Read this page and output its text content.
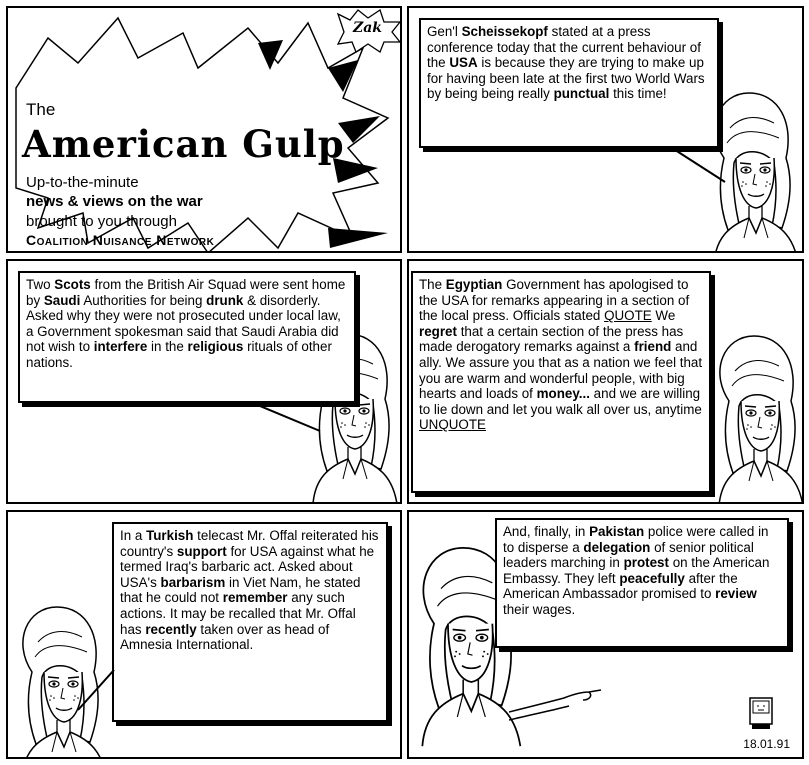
Zak
The
American Gulp
Up-to-the-minute
news & views on the war
brought to you through
Coalition Nuisance Network
Gen'l Scheissekopf stated at a press conference today that the current behaviour of the USA is because they are trying to make up for having been late at the first two World Wars by being being really punctual this time!
Two Scots from the British Air Squad were sent home by Saudi Authorities for being drunk & disorderly. Asked why they were not prosecuted under local law, a Government spokesman said that Saudi Arabia did not wish to interfere in the religious rituals of other nations.
The Egyptian Government has apologised to the USA for remarks appearing in a section of the local press. Officials stated QUOTE We regret that a certain section of the press has made derogatory remarks against a friend and ally. We assure you that as a nation we feel that you are warm and wonderful people, with big hearts and loads of money... and we are willing to lie down and let you walk all over us, anytime UNQUOTE
In a Turkish telecast Mr. Offal reiterated his country's support for USA against what he termed Iraq's barbaric act. Asked about USA's barbarism in Viet Nam, he stated that he could not remember any such actions. It may be recalled that Mr. Offal has recently taken over as head of Amnesia International.
And, finally, in Pakistan police were called in to disperse a delegation of senior political leaders marching in protest on the American Embassy. They left peacefully after the American Ambassador promised to review their wages.
18.01.91
